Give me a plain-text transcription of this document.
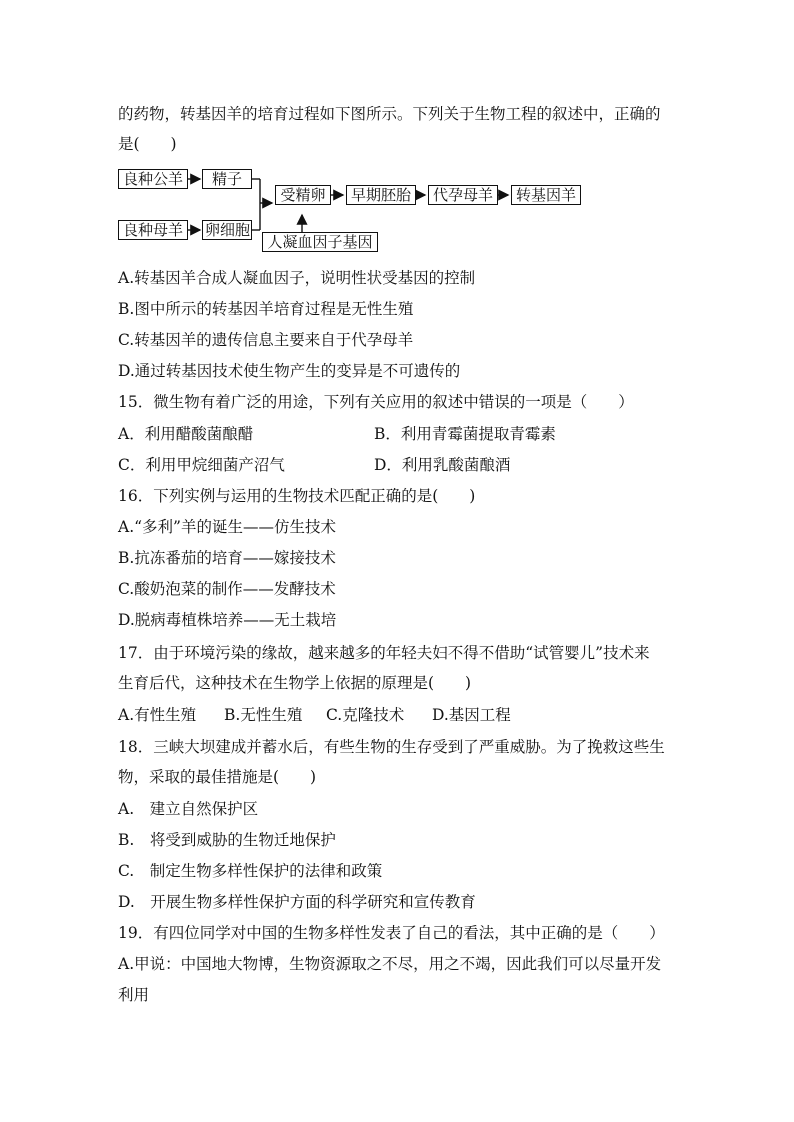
的药物，转基因羊的培育过程如下图所示。下列关于生物工程的叙述中，正确的
是(　　)
良种公羊	精子
良种母羊	卵细胞
受精卵	早期胚胎	代孕母羊	转基因羊
人凝血因子基因
A.转基因羊合成人凝血因子，说明性状受基因的控制
B.图中所示的转基因羊培育过程是无性生殖
C.转基因羊的遗传信息主要来自于代孕母羊
D.通过转基因技术使生物产生的变异是不可遗传的
15．微生物有着广泛的用途，下列有关应用的叙述中错误的一项是（　　）
A．利用醋酸菌酿醋	B．利用青霉菌提取青霉素
C．利用甲烷细菌产沼气	D．利用乳酸菌酿酒
16．下列实例与运用的生物技术匹配正确的是(　　)
A.“多利”羊的诞生——仿生技术
B.抗冻番茄的培育——嫁接技术
C.酸奶泡菜的制作——发酵技术
D.脱病毒植株培养——无土栽培
17．由于环境污染的缘故，越来越多的年轻夫妇不得不借助“试管婴儿”技术来
生育后代，这种技术在生物学上依据的原理是(　　)
A.有性生殖 B.无性生殖 C.克隆技术 D.基因工程
18．三峡大坝建成并蓄水后，有些生物的生存受到了严重威胁。为了挽救这些生
物，采取的最佳措施是(　　)
A.　建立自然保护区
B.　将受到威胁的生物迁地保护
C.　制定生物多样性保护的法律和政策
D.　开展生物多样性保护方面的科学研究和宣传教育
19．有四位同学对中国的生物多样性发表了自己的看法，其中正确的是（　　）
A.甲说：中国地大物博，生物资源取之不尽，用之不竭，因此我们可以尽量开发
利用
